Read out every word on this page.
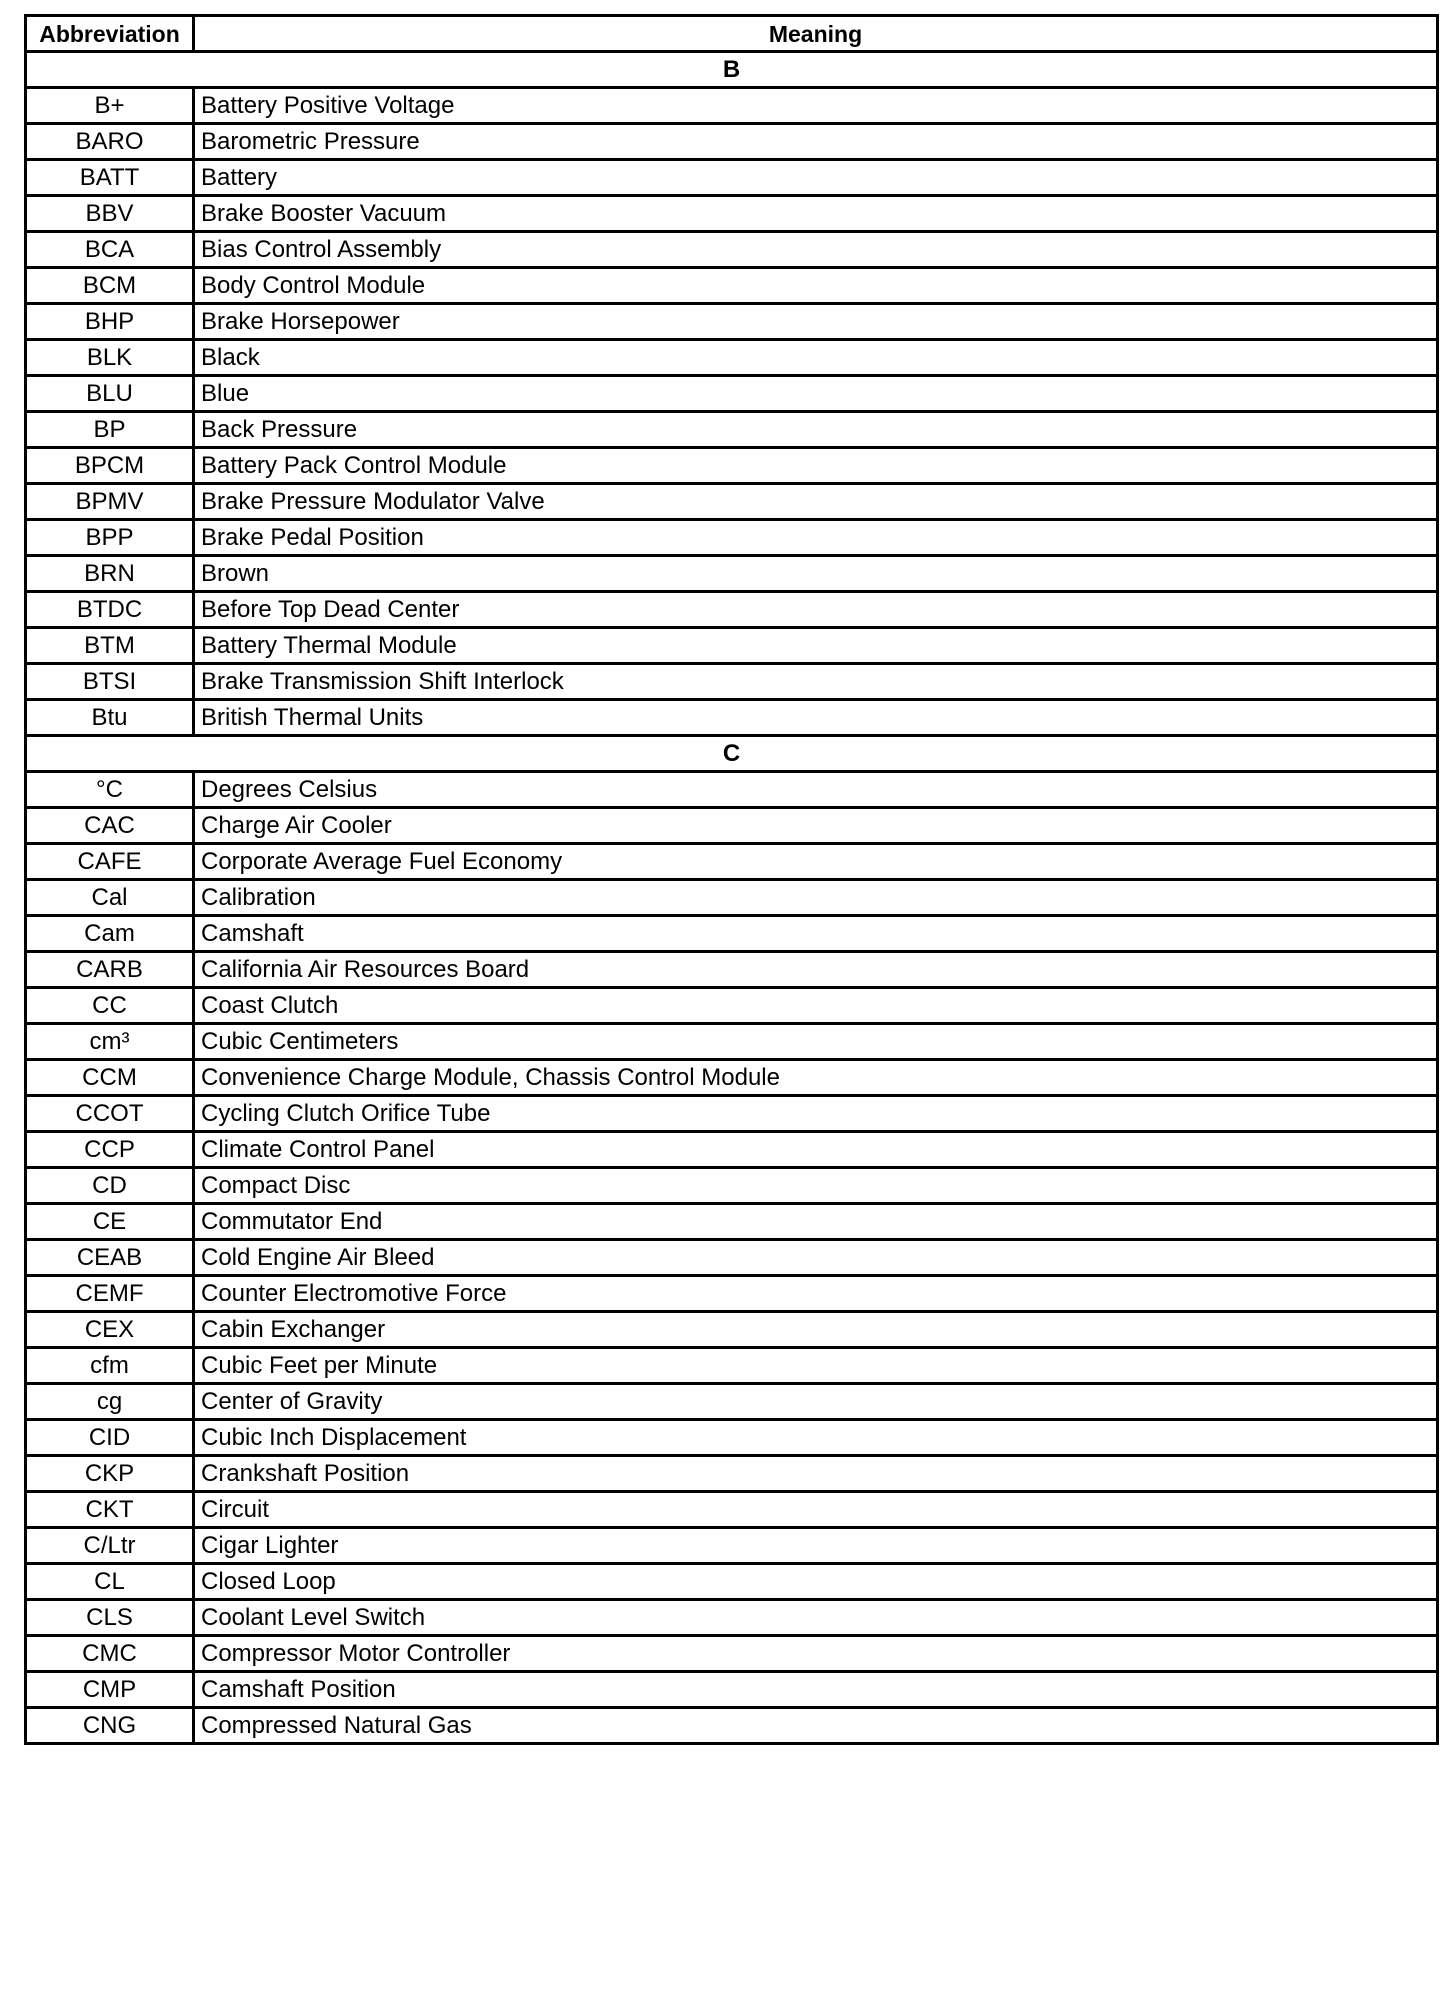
Abbreviation	Meaning
B	
B+	Battery Positive Voltage
BARO	Barometric Pressure
BATT	Battery
BBV	Brake Booster Vacuum
BCA	Bias Control Assembly
BCM	Body Control Module
BHP	Brake Horsepower
BLK	Black
BLU	Blue
BP	Back Pressure
BPCM	Battery Pack Control Module
BPMV	Brake Pressure Modulator Valve
BPP	Brake Pedal Position
BRN	Brown
BTDC	Before Top Dead Center
BTM	Battery Thermal Module
BTSI	Brake Transmission Shift Interlock
Btu	British Thermal Units
C	
°C	Degrees Celsius
CAC	Charge Air Cooler
CAFE	Corporate Average Fuel Economy
Cal	Calibration
Cam	Camshaft
CARB	California Air Resources Board
CC	Coast Clutch
cm³	Cubic Centimeters
CCM	Convenience Charge Module, Chassis Control Module
CCOT	Cycling Clutch Orifice Tube
CCP	Climate Control Panel
CD	Compact Disc
CE	Commutator End
CEAB	Cold Engine Air Bleed
CEMF	Counter Electromotive Force
CEX	Cabin Exchanger
cfm	Cubic Feet per Minute
cg	Center of Gravity
CID	Cubic Inch Displacement
CKP	Crankshaft Position
CKT	Circuit
C/Ltr	Cigar Lighter
CL	Closed Loop
CLS	Coolant Level Switch
CMC	Compressor Motor Controller
CMP	Camshaft Position
CNG	Compressed Natural Gas
